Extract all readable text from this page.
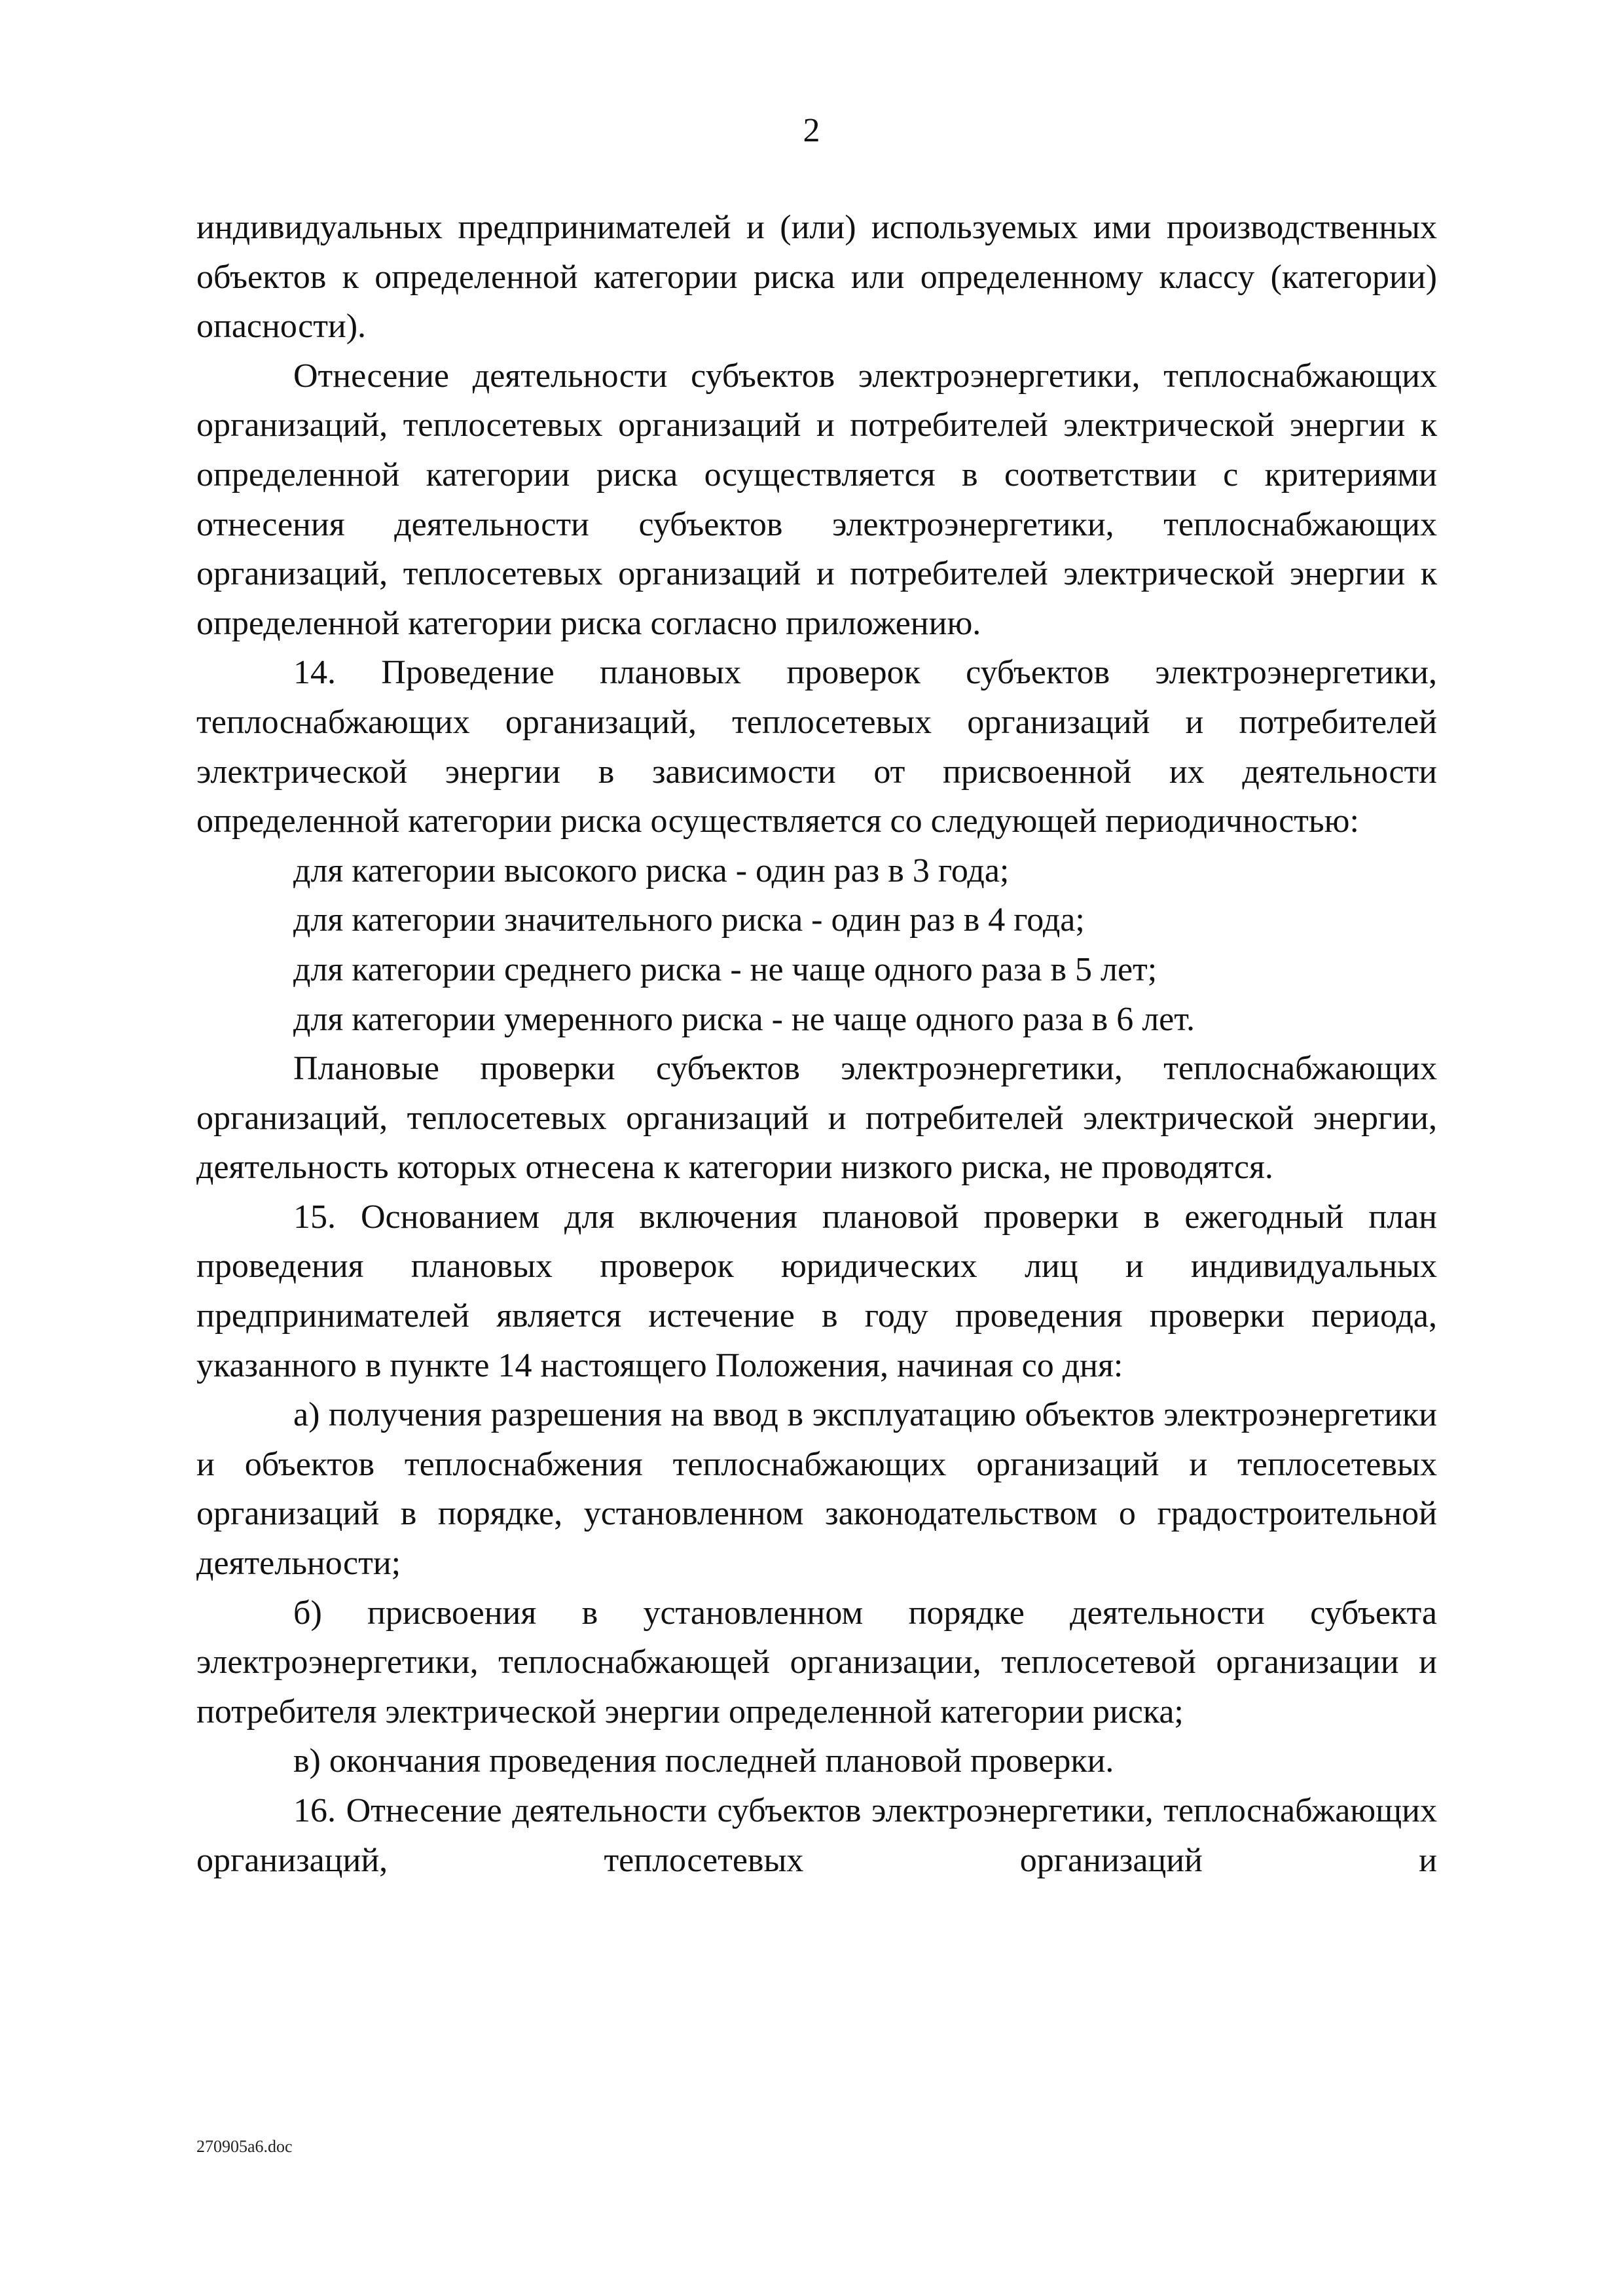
2

индивидуальных предпринимателей и (или) используемых ими производственных объектов к определенной категории риска или определенному классу (категории) опасности).

Отнесение деятельности субъектов электроэнергетики, теплоснабжающих организаций, теплосетевых организаций и потребителей электрической энергии к определенной категории риска осуществляется в соответствии с критериями отнесения деятельности субъектов электроэнергетики, теплоснабжающих организаций, теплосетевых организаций и потребителей электрической энергии к определенной категории риска согласно приложению.

14. Проведение плановых проверок субъектов электроэнергетики, теплоснабжающих организаций, теплосетевых организаций и потребителей электрической энергии в зависимости от присвоенной их деятельности определенной категории риска осуществляется со следующей периодичностью:

для категории высокого риска - один раз в 3 года;

для категории значительного риска - один раз в 4 года;

для категории среднего риска - не чаще одного раза в 5 лет;

для категории умеренного риска - не чаще одного раза в 6 лет.

Плановые проверки субъектов электроэнергетики, теплоснабжающих организаций, теплосетевых организаций и потребителей электрической энергии, деятельность которых отнесена к категории низкого риска, не проводятся.

15. Основанием для включения плановой проверки в ежегодный план проведения плановых проверок юридических лиц и индивидуальных предпринимателей является истечение в году проведения проверки периода, указанного в пункте 14 настоящего Положения, начиная со дня:

а) получения разрешения на ввод в эксплуатацию объектов электроэнергетики и объектов теплоснабжения теплоснабжающих организаций и теплосетевых организаций в порядке, установленном законодательством о градостроительной деятельности;

б) присвоения в установленном порядке деятельности субъекта электроэнергетики, теплоснабжающей организации, теплосетевой организации и потребителя электрической энергии определенной категории риска;

в) окончания проведения последней плановой проверки.

16. Отнесение деятельности субъектов электроэнергетики, теплоснабжающих организаций, теплосетевых организаций и

270905a6.doc
